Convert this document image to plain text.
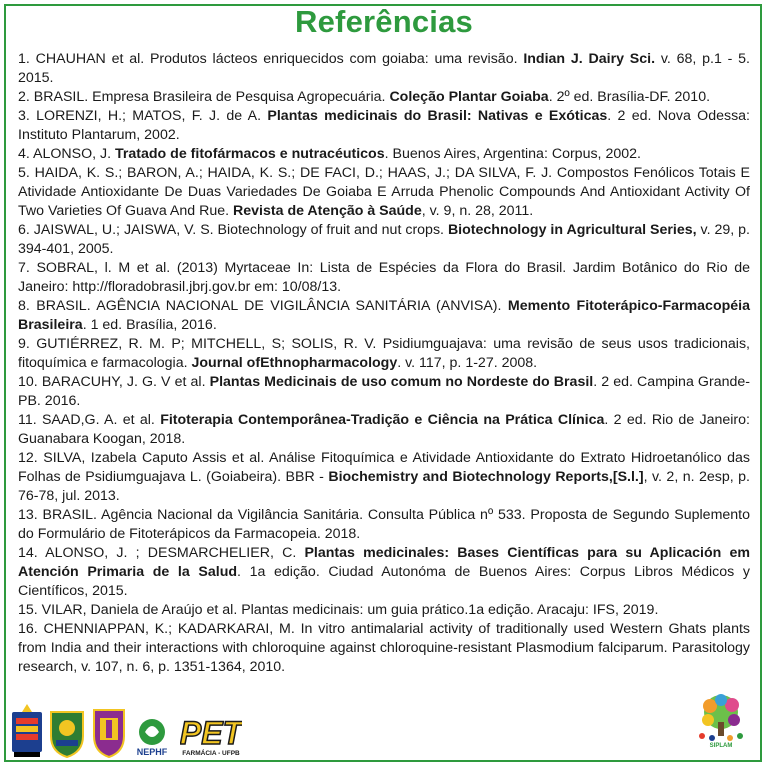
Referências
1. CHAUHAN et al. Produtos lácteos enriquecidos com goiaba: uma revisão. Indian J. Dairy Sci. v. 68, p.1 - 5. 2015.
2. BRASIL. Empresa Brasileira de Pesquisa Agropecuária. Coleção Plantar Goiaba. 2º ed. Brasília-DF. 2010.
3. LORENZI, H.; MATOS, F. J. de A. Plantas medicinais do Brasil: Nativas e Exóticas. 2 ed. Nova Odessa: Instituto Plantarum, 2002.
4. ALONSO, J. Tratado de fitofármacos e nutracéuticos. Buenos Aires, Argentina: Corpus, 2002.
5. HAIDA, K. S.; BARON, A.; HAIDA, K. S.; DE FACI, D.; HAAS, J.; DA SILVA, F. J. Compostos Fenólicos Totais E Atividade Antioxidante De Duas Variedades De Goiaba E Arruda Phenolic Compounds And Antioxidant Activity Of Two Varieties Of Guava And Rue. Revista de Atenção à Saúde, v. 9, n. 28, 2011.
6. JAISWAL, U.; JAISWA, V. S. Biotechnology of fruit and nut crops. Biotechnology in Agricultural Series, v. 29, p. 394-401, 2005.
7. SOBRAL, l. M et al. (2013) Myrtaceae In: Lista de Espécies da Flora do Brasil. Jardim Botânico do Rio de Janeiro: http://floradobrasil.jbrj.gov.br em: 10/08/13.
8. BRASIL. AGÊNCIA NACIONAL DE VIGILÂNCIA SANITÁRIA (ANVISA). Memento Fitoterápico-Farmacopéia Brasileira. 1 ed. Brasília, 2016.
9. GUTIÉRREZ, R. M. P; MITCHELL, S; SOLIS, R. V. Psidiumguajava: uma revisão de seus usos tradicionais, fitoquímica e farmacologia. Journal ofEthnopharmacology. v. 117, p. 1-27. 2008.
10. BARACUHY, J. G. V et al. Plantas Medicinais de uso comum no Nordeste do Brasil. 2 ed. Campina Grande-PB. 2016.
11. SAAD,G. A. et al. Fitoterapia Contemporânea-Tradição e Ciência na Prática Clínica. 2 ed. Rio de Janeiro: Guanabara Koogan, 2018.
12. SILVA, Izabela Caputo Assis et al. Análise Fitoquímica e Atividade Antioxidante do Extrato Hidroetanólico das Folhas de Psidiumguajava L. (Goiabeira). BBR - Biochemistry and Biotechnology Reports,[S.l.], v. 2, n. 2esp, p. 76-78, jul. 2013.
13. BRASIL. Agência Nacional da Vigilância Sanitária. Consulta Pública nº 533. Proposta de Segundo Suplemento do Formulário de Fitoterápicos da Farmacopeia. 2018.
14. ALONSO, J. ; DESMARCHELIER, C. Plantas medicinales: Bases Científicas para su Aplicación em Atención Primaria de la Salud. 1a edição. Ciudad Autonóma de Buenos Aires: Corpus Libros Médicos y Científicos, 2015.
15. VILAR, Daniela de Araújo et al. Plantas medicinais: um guia prático.1a edição. Aracaju: IFS, 2019.
16. CHENNIAPPAN, K.; KADARKARAI, M. In vitro antimalarial activity of traditionally used Western Ghats plants from India and their interactions with chloroquine against chloroquine-resistant Plasmodium falciparum. Parasitology research, v. 107, n. 6, p. 1351-1364, 2010.
NEPHF
PET
FARMÁCIA - UFPB
SIPLAM
